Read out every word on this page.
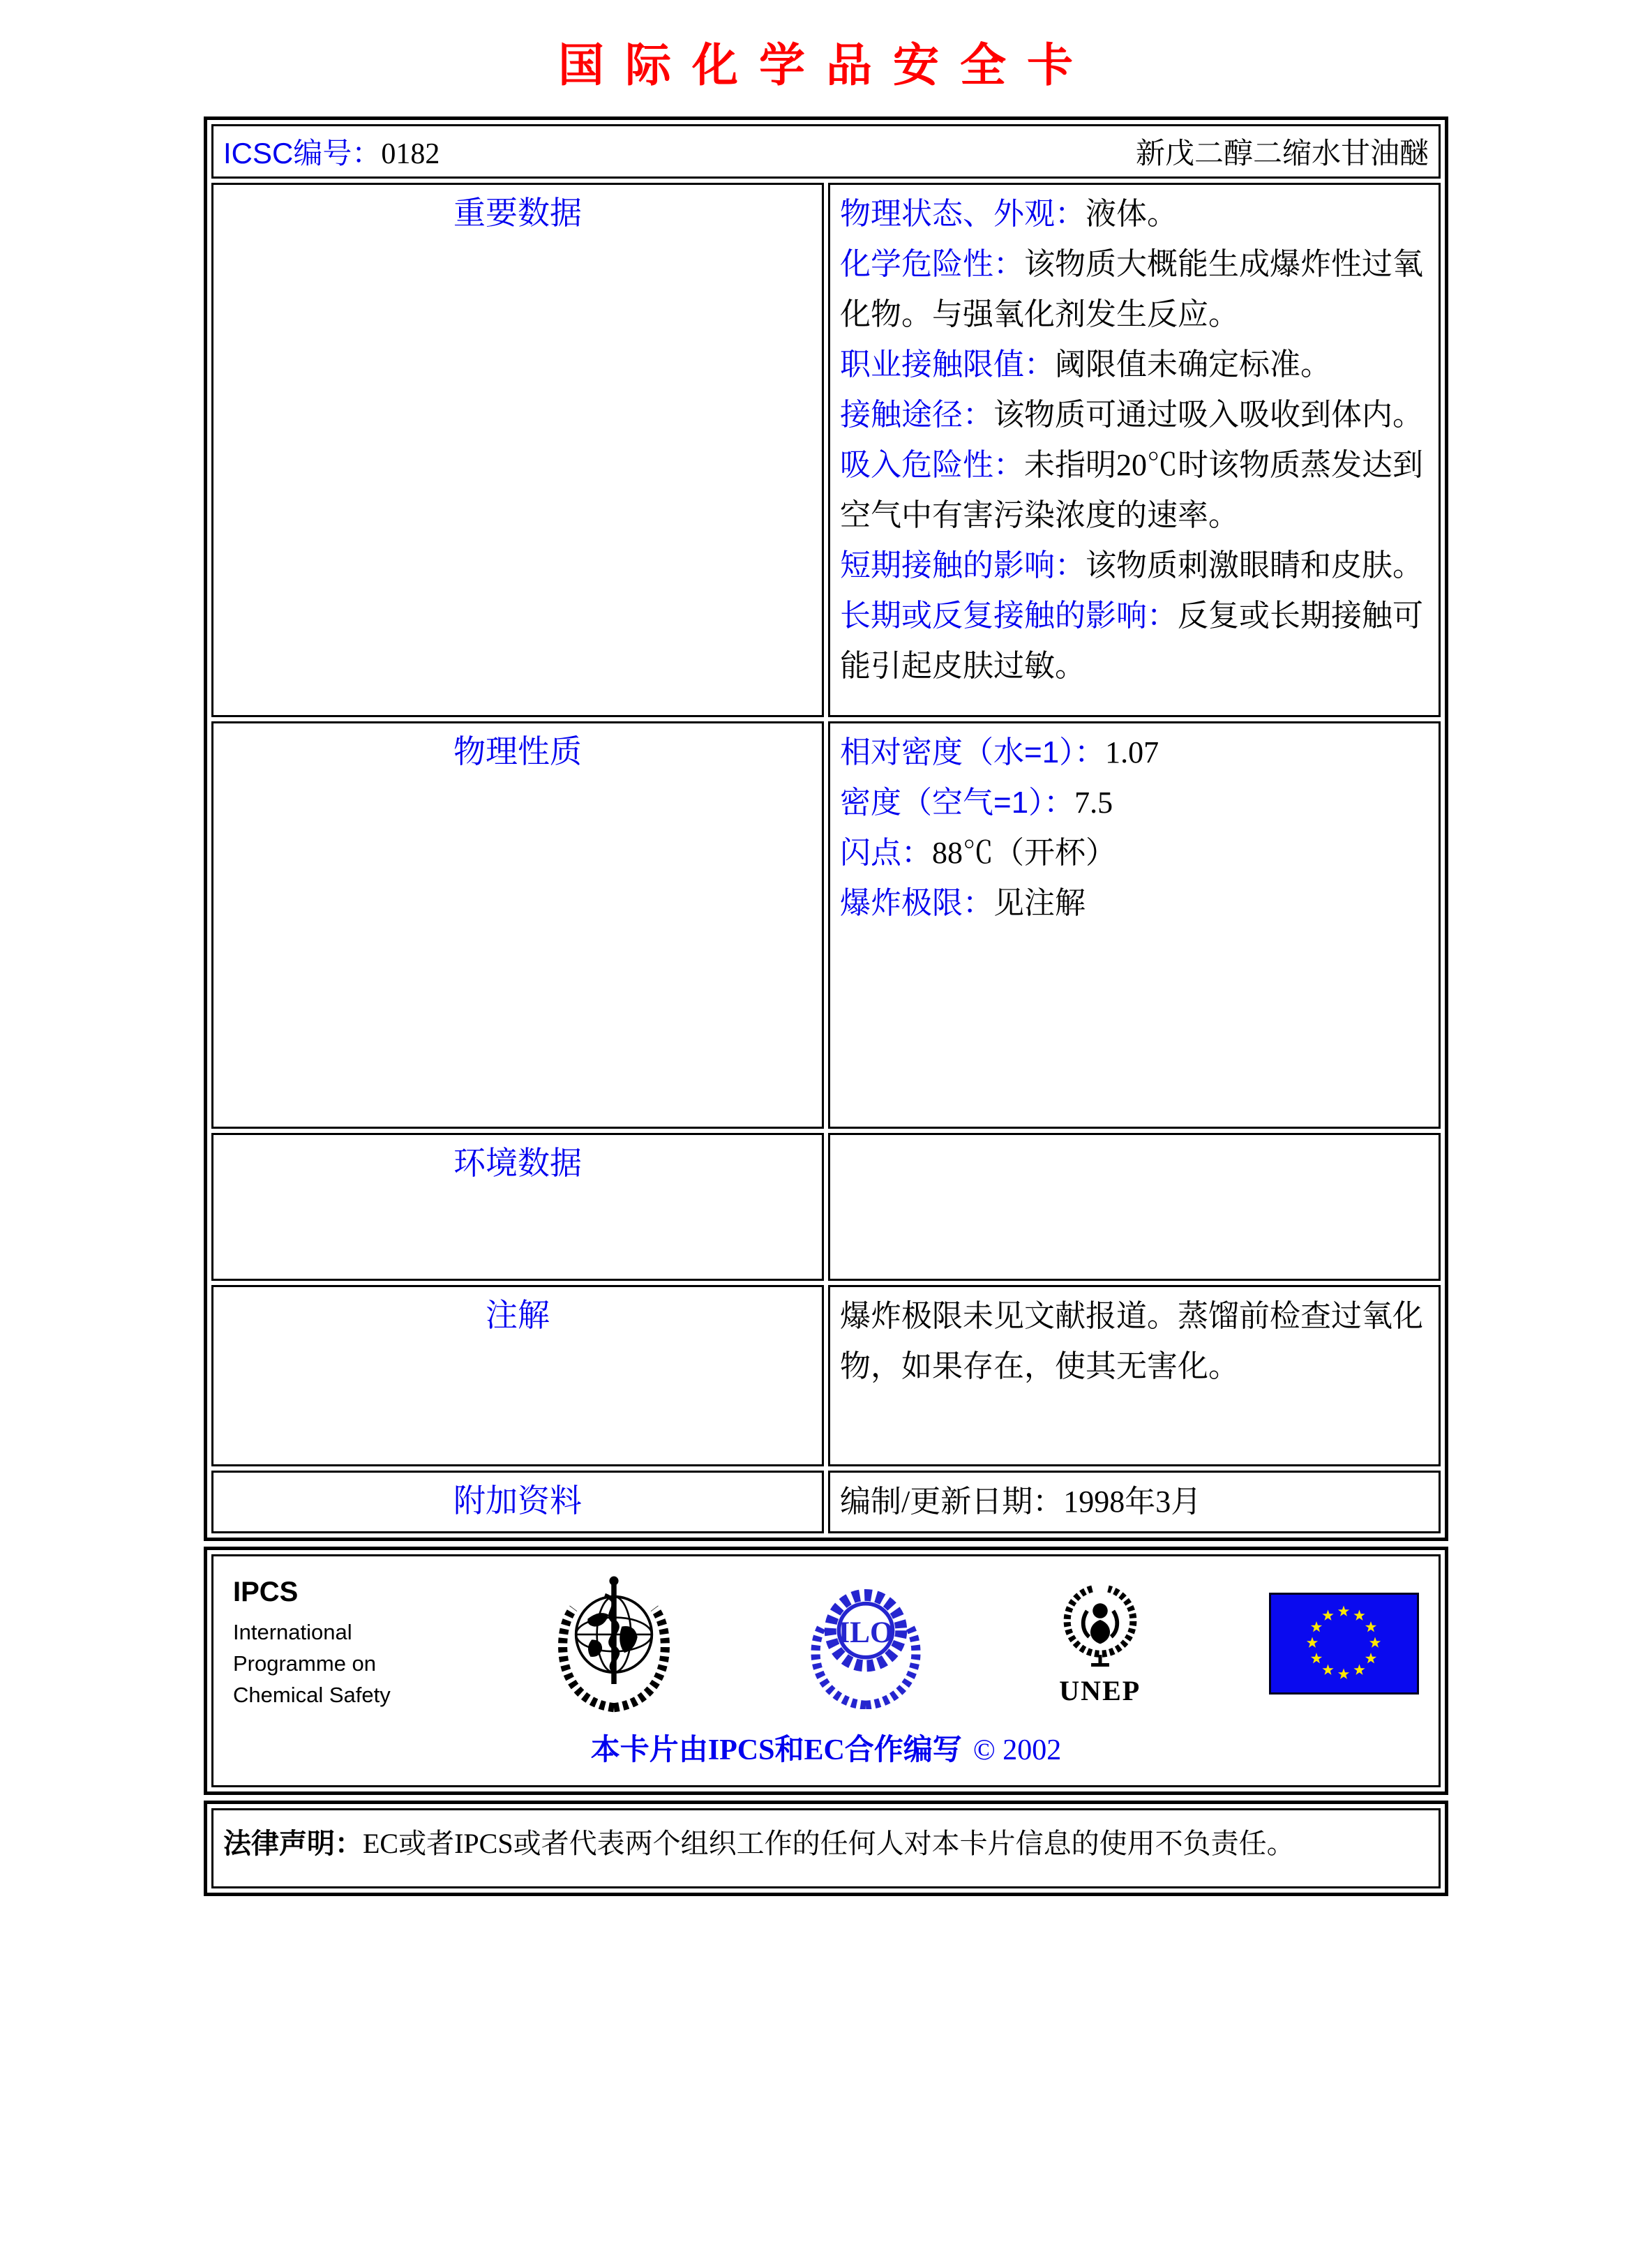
国际化学品安全卡
ICSC编号：0182 新戊二醇二缩水甘油醚	

重要数据	物理状态、外观：液体。
化学危险性：该物质大概能生成爆炸性过氧化物。与强氧化剂发生反应。
职业接触限值：阈限值未确定标准。
接触途径：该物质可通过吸入吸收到体内。
吸入危险性：未指明20℃时该物质蒸发达到空气中有害污染浓度的速率。
短期接触的影响：该物质刺激眼睛和皮肤。
长期或反复接触的影响：反复或长期接触可能引起皮肤过敏。

物理性质	相对密度（水=1）：1.07
密度（空气=1）：7.5
闪点：88℃（开杯）
爆炸极限：见注解

环境数据	
注解	爆炸极限未见文献报道。蒸馏前检查过氧化物，如果存在，使其无害化。

附加资料	编制/更新日期：1998年3月
IPCS
International
Programme on
Chemical Safety
ILO
UNEP
本卡片由IPCS和EC合作编写 © 2002
法律声明：EC或者IPCS或者代表两个组织工作的任何人对本卡片信息的使用不负责任。
